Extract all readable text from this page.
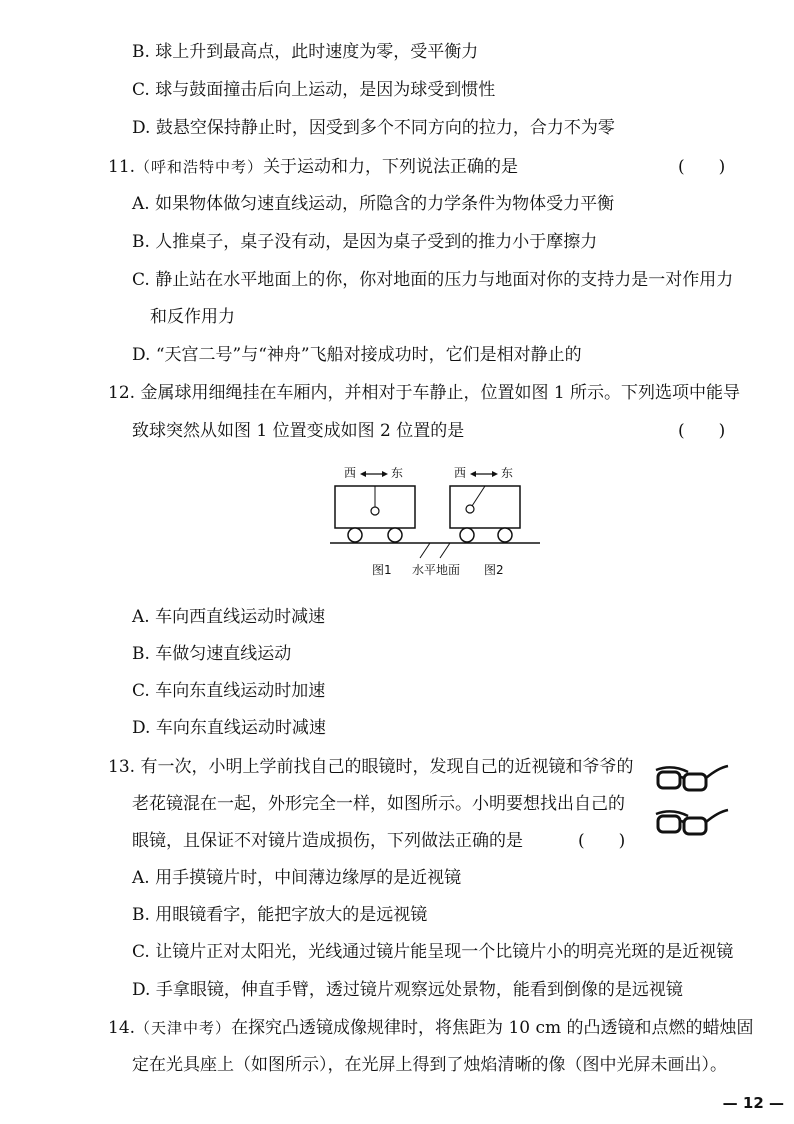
B. 球上升到最高点，此时速度为零，受平衡力
C. 球与鼓面撞击后向上运动，是因为球受到惯性
D. 鼓悬空保持静止时，因受到多个不同方向的拉力，合力不为零
11.（呼和浩特中考）关于运动和力，下列说法正确的是	(　　)
A. 如果物体做匀速直线运动，所隐含的力学条件为物体受力平衡
B. 人推桌子，桌子没有动，是因为桌子受到的推力小于摩擦力
C. 静止站在水平地面上的你，你对地面的压力与地面对你的支持力是一对作用力
和反作用力
D. “天宫二号”与“神舟”飞船对接成功时，它们是相对静止的
12. 金属球用细绳挂在车厢内，并相对于车静止，位置如图 1 所示。下列选项中能导
致球突然从如图 1 位置变成如图 2 位置的是	(　　)
西	东	西	东
图1 水平地面 图2
A. 车向西直线运动时减速
B. 车做匀速直线运动
C. 车向东直线运动时加速
D. 车向东直线运动时减速
13. 有一次，小明上学前找自己的眼镜时，发现自己的近视镜和爷爷的
老花镜混在一起，外形完全一样，如图所示。小明要想找出自己的
眼镜，且保证不对镜片造成损伤，下列做法正确的是	(　　)
A. 用手摸镜片时，中间薄边缘厚的是近视镜
B. 用眼镜看字，能把字放大的是远视镜
C. 让镜片正对太阳光，光线通过镜片能呈现一个比镜片小的明亮光斑的是近视镜
D. 手拿眼镜，伸直手臂，透过镜片观察远处景物，能看到倒像的是远视镜
14.（天津中考）在探究凸透镜成像规律时，将焦距为 10 cm 的凸透镜和点燃的蜡烛固
定在光具座上（如图所示），在光屏上得到了烛焰清晰的像（图中光屏未画出）。
— 12 —
